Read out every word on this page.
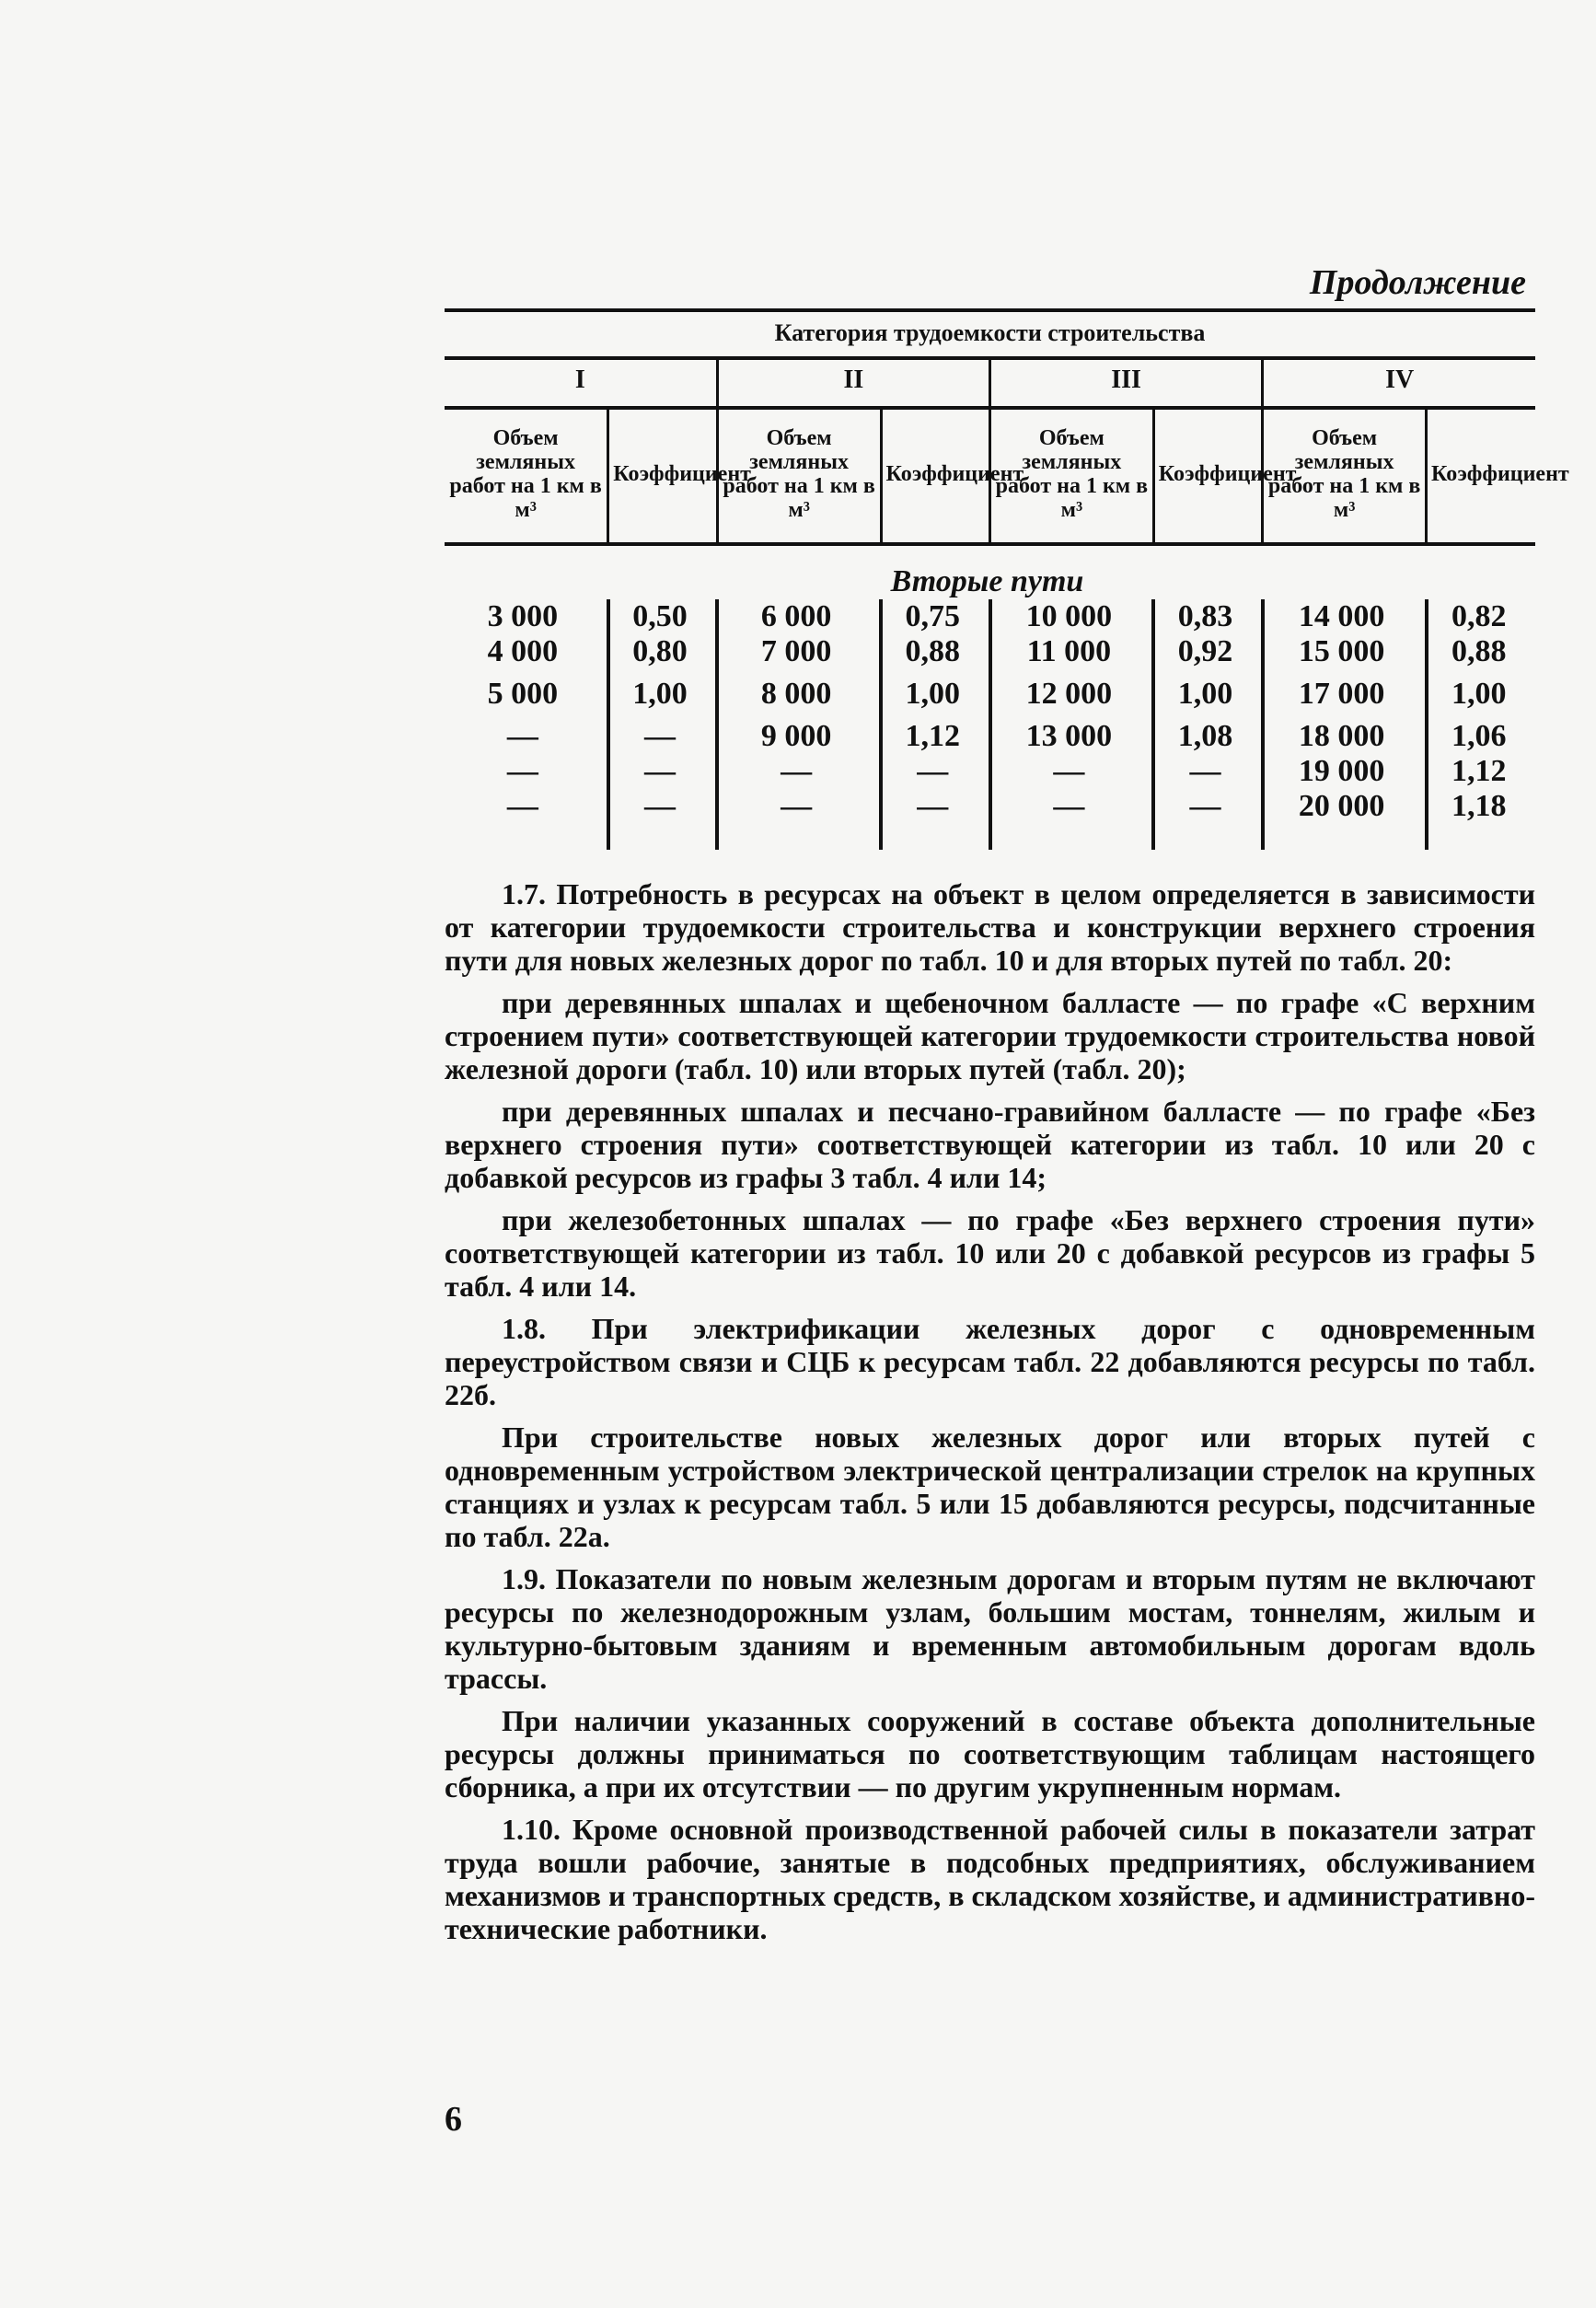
Продолжение
Категория трудоемкости строительства							
I		II		III		IV	
Объем земляных работ на 1 км в м³	Коэффициент	Объем земляных работ на 1 км в м³	Коэффициент	Объем земляных работ на 1 км в м³	Коэффициент	Объем земляных работ на 1 км в м³	Коэффициент
Вторые пути							
3 000	0,50	6 000	0,75	10 000	0,83	14 000	0,82
4 000	0,80	7 000	0,88	11 000	0,92	15 000	0,88
5 000	1,00	8 000	1,00	12 000	1,00	17 000	1,00
—	—	9 000	1,12	13 000	1,08	18 000	1,06
—	—	—	—	—	—	19 000	1,12
—	—	—	—	—	—	20 000	1,18

1.7. Потребность в ресурсах на объект в целом определяется в зависимости от категории трудоемкости строительства и конструкции верхнего строения пути для новых железных дорог по табл. 10 и для вторых путей по табл. 20:

при деревянных шпалах и щебеночном балласте — по графе «С верхним строением пути» соответствующей категории трудоемкости строительства новой железной дороги (табл. 10) или вторых путей (табл. 20);

при деревянных шпалах и песчано-гравийном балласте — по графе «Без верхнего строения пути» соответствующей категории из табл. 10 или 20 с добавкой ресурсов из графы 3 табл. 4 или 14;

при железобетонных шпалах — по графе «Без верхнего строения пути» соответствующей категории из табл. 10 или 20 с добавкой ресурсов из графы 5 табл. 4 или 14.

1.8. При электрификации железных дорог с одновременным переустройством связи и СЦБ к ресурсам табл. 22 добавляются ресурсы по табл. 22б.

При строительстве новых железных дорог или вторых путей с одновременным устройством электрической централизации стрелок на крупных станциях и узлах к ресурсам табл. 5 или 15 добавляются ресурсы, подсчитанные по табл. 22а.

1.9. Показатели по новым железным дорогам и вторым путям не включают ресурсы по железнодорожным узлам, большим мостам, тоннелям, жилым и культурно-бытовым зданиям и временным автомобильным дорогам вдоль трассы.

При наличии указанных сооружений в составе объекта дополнительные ресурсы должны приниматься по соответствующим таблицам настоящего сборника, а при их отсутствии — по другим укрупненным нормам.

1.10. Кроме основной производственной рабочей силы в показатели затрат труда вошли рабочие, занятые в подсобных предприятиях, обслуживанием механизмов и транспортных средств, в складском хозяйстве, и административно-технические работники.

6
